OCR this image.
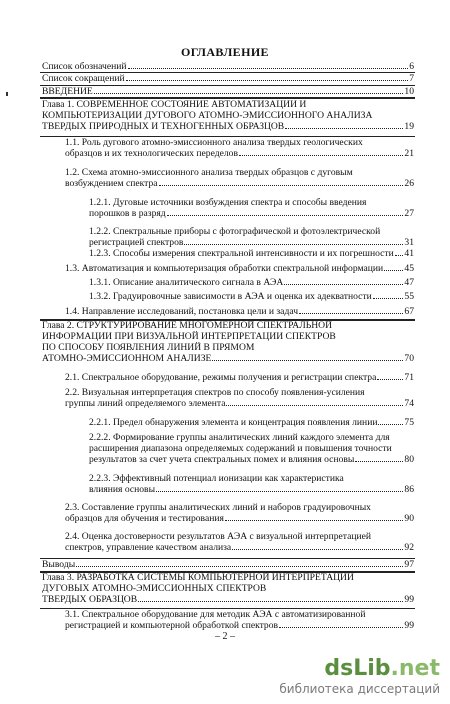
ОГЛАВЛЕНИЕ
Список обозначений	6
Список сокращений	7
ВВЕДЕНИЕ	10
Глава 1. СОВРЕМЕННОЕ СОСТОЯНИЕ АВТОМАТИЗАЦИИ И
КОМПЬЮТЕРИЗАЦИИ ДУГОВОГО АТОМНО-ЭМИССИОННОГО АНАЛИЗА
ТВЕРДЫХ ПРИРОДНЫХ И ТЕХНОГЕННЫХ ОБРАЗЦОВ	19
1.1. Роль дугового атомно-эмиссионного анализа твердых геологических
образцов и их технологических переделов	21
1.2. Схема атомно-эмиссионного анализа твердых образцов с дуговым
возбуждением спектра	26
1.2.1. Дуговые источники возбуждения спектра и способы введения
порошков в разряд	27
1.2.2. Спектральные приборы с фотографической и фотоэлектрической
регистрацией спектров	31
1.2.3. Способы измерения спектральной интенсивности и их погрешности 41
1.3. Автоматизация и компьютеризация обработки спектральной информации 45
1.3.1. Описание аналитического сигнала в АЭА	47
1.3.2. Градуировочные зависимости в АЭА и оценка их адекватности	55
1.4. Направление исследований, постановка цели и задач	67
Глава 2. СТРУКТУРИРОВАНИЕ МНОГОМЕРНОЙ СПЕКТРАЛЬНОЙ
ИНФОРМАЦИИ ПРИ ВИЗУАЛЬНОЙ ИНТЕРПРЕТАЦИИ СПЕКТРОВ
ПО СПОСОБУ ПОЯВЛЕНИЯ ЛИНИЙ В ПРЯМОМ
АТОМНО-ЭМИССИОННОМ АНАЛИЗЕ	70
2.1. Спектральное оборудование, режимы получения и регистрации спектра	71
2.2. Визуальная интерпретация спектров по способу появления-усиления
группы линий определяемого элемента	74
2.2.1. Предел обнаружения элемента и концентрация появления линии	75
2.2.2. Формирование группы аналитических линий каждого элемента для
расширения диапазона определяемых содержаний и повышения точности
результатов за счет учета спектральных помех и влияния основы	80
2.2.3. Эффективный потенциал ионизации как характеристика
влияния основы	86
2.3. Составление группы аналитических линий и наборов градуировочных
образцов для обучения и тестирования	90
2.4. Оценка достоверности результатов АЭА с визуальной интерпретацией
спектров, управление качеством анализа	92
Выводы	97
Глава 3. РАЗРАБОТКА СИСТЕМЫ КОМПЬЮТЕРНОЙ ИНТЕРПРЕТАЦИИ
ДУГОВЫХ АТОМНО-ЭМИССИОННЫХ СПЕКТРОВ
ТВЕРДЫХ ОБРАЗЦОВ	99
3.1. Спектральное оборудование для методик АЭА с автоматизированной
регистрацией и компьютерной обработкой спектров	99
– 2 –
dsLib.net
библиотека диссертаций
